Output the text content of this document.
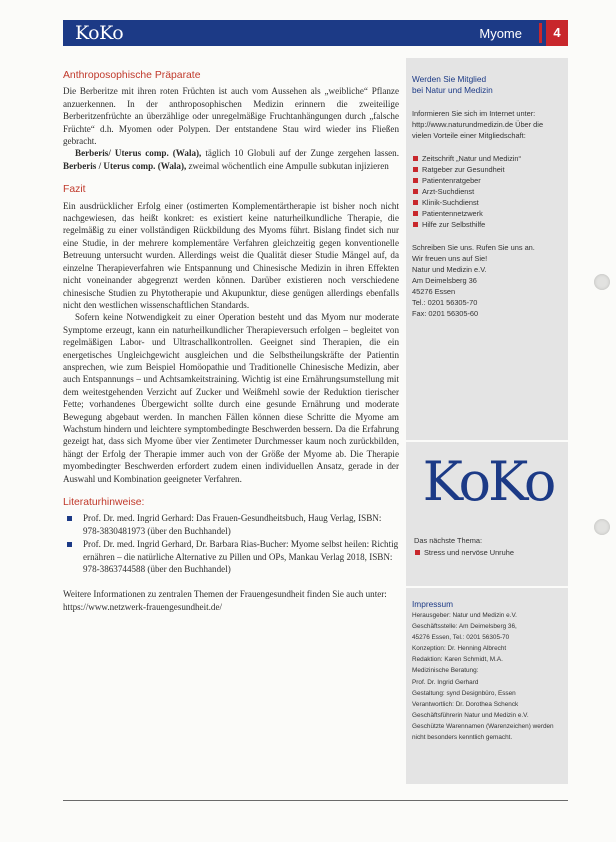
KoKo	Myome	4
Anthroposophische Präparate

Die Berberitze mit ihren roten Früchten ist auch vom Aussehen als „weibliche“ Pflanze anzuerkennen. In der anthroposophischen Medizin erinnern die zweiteilige Berberitzenfrüchte an überzählige oder unregelmäßige Fruchtanhängungen durch „falsche Früchte“ d.h. Myomen oder Polypen. Der entstandene Stau wird wieder ins Fließen gebracht.

Berberis/ Uterus comp. (Wala), täglich 10 Globuli auf der Zunge zergehen lassen. Berberis / Uterus comp. (Wala), zweimal wöchentlich eine Ampulle subkutan injizieren

Fazit

Ein ausdrücklicher Erfolg einer (ostimerten Komplementärtherapie ist bisher noch nicht nachgewiesen, das heißt konkret: es existiert keine naturheilkundliche Therapie, die regelmäßig zu einer vollständigen Rückbildung des Myoms führt. Bislang findet sich nur eine Studie, in der mehrere komplementäre Verfahren gleichzeitig gegen konventionelle Betreuung untersucht wurden. Allerdings weist die Qualität dieser Studie Mängel auf, da einzelne Therapieverfahren wie Entspannung und Chinesische Medizin in ihren Effekten nicht voneinander abgegrenzt werden können. Darüber existieren noch verschiedene chinesische Studien zu Phytotherapie und Akupunktur, diese genügen allerdings ebenfalls nicht den westlichen wissenschaftlichen Standards.

Sofern keine Notwendigkeit zu einer Operation besteht und das Myom nur moderate Symptome erzeugt, kann ein naturheilkundlicher Therapieversuch erfolgen – begleitet von regelmäßigen Labor- und Ultraschallkontrollen. Geeignet sind Therapien, die ein energetisches Ungleichgewicht ausgleichen und die Selbstheilungskräfte der Patientin ansprechen, wie zum Beispiel Homöopathie und Traditionelle Chinesische Medizin, aber auch Entspannungs – und Achtsamkeitstraining. Wichtig ist eine Ernährungsumstellung mit dem weitestgehenden Verzicht auf Zucker und Weißmehl sowie der Reduktion tierischer Fette; vorhandenes Übergewicht sollte durch eine gesunde Ernährung und moderate Bewegung abgebaut werden. In manchen Fällen können diese Schritte die Myome am Wachstum hindern und leichtere symptombedingte Beschwerden bessern. Da die Erfahrung gezeigt hat, dass sich Myome über vier Zentimeter Durchmesser kaum noch zurückbilden, hängt der Erfolg der Therapie immer auch von der Größe der Myome ab. Die Therapie myombedingter Beschwerden erfordert zudem einen individuellen Ansatz, gerade in der Auswahl und Kombination geeigneter Verfahren.

Literaturhinweise:
Prof. Dr. med. Ingrid Gerhard: Das Frauen-Gesundheitsbuch, Haug Verlag, ISBN: 978-3830481973 (über den Buchhandel)
Prof. Dr. med. Ingrid Gerhard, Dr. Barbara Rias-Bucher: Myome selbst heilen: Richtig ernähren – die natürliche Alternative zu Pillen und OPs, Mankau Verlag 2018, ISBN: 978-3863744588 (über den Buchhandel)

Weitere Informationen zu zentralen Themen der Frauengesundheit finden Sie auch unter: https://www.netzwerk-frauengesundheit.de/

Werden Sie Mitglied

bei Natur und Medizin

Informieren Sie sich im Internet unter: http://www.naturundmedizin.de Über die vielen Vorteile einer Mitgliedschaft:

Zeitschrift „Natur und Medizin“
Ratgeber zur Gesundheit
Patientenratgeber
Arzt-Suchdienst
Klinik-Suchdienst
Patientennetzwerk
Hilfe zur Selbsthilfe

Schreiben Sie uns. Rufen Sie uns an.

Wir freuen uns auf Sie!

Natur und Medizin e.V.

Am Deimelsberg 36

45276 Essen

Tel.: 0201 56305-70

Fax: 0201 56305-60

KoKo
Das nächste Thema:
Stress und nervöse Unruhe

Impressum

Herausgeber: Natur und Medizin e.V.

Geschäftsstelle: Am Deimelsberg 36,

45276 Essen, Tel.: 0201 56305-70

Konzeption: Dr. Henning Albrecht

Redaktion: Karen Schmidt, M.A.

Medizinische Beratung:

Prof. Dr. Ingrid Gerhard

Gestaltung: synd Designbüro, Essen

Verantwortlich: Dr. Dorothea Schenck

Geschäftsführerin Natur und Medizin e.V.

Geschützte Warennamen (Warenzeichen) werden nicht besonders kenntlich gemacht.
